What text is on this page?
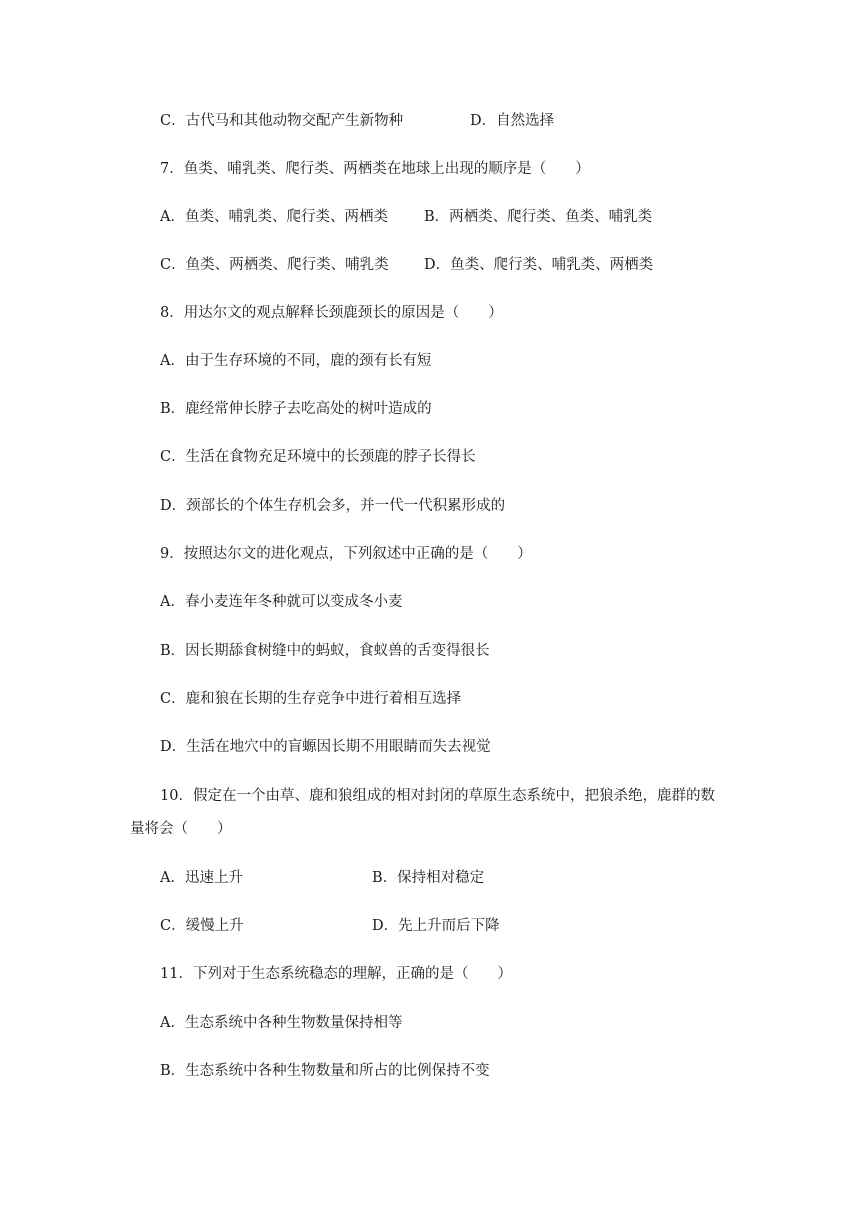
C．古代马和其他动物交配产生新物种	D．自然选择
7．鱼类、哺乳类、爬行类、两栖类在地球上出现的顺序是（　　）
A．鱼类、哺乳类、爬行类、两栖类 B．两栖类、爬行类、鱼类、哺乳类
C．鱼类、两栖类、爬行类、哺乳类 D．鱼类、爬行类、哺乳类、两栖类
8．用达尔文的观点解释长颈鹿颈长的原因是（　　）
A．由于生存环境的不同，鹿的颈有长有短
B．鹿经常伸长脖子去吃高处的树叶造成的
C．生活在食物充足环境中的长颈鹿的脖子长得长
D．颈部长的个体生存机会多，并一代一代积累形成的
9．按照达尔文的进化观点，下列叙述中正确的是（　　）
A．春小麦连年冬种就可以变成冬小麦
B．因长期舔食树缝中的蚂蚁，食蚁兽的舌变得很长
C．鹿和狼在长期的生存竞争中进行着相互选择
D．生活在地穴中的盲螈因长期不用眼睛而失去视觉
10．假定在一个由草、鹿和狼组成的相对封闭的草原生态系统中，把狼杀绝，鹿群的数
量将会（　　）
A．迅速上升	B．保持相对稳定
C．缓慢上升	D．先上升而后下降
11．下列对于生态系统稳态的理解，正确的是（　　）
A．生态系统中各种生物数量保持相等
B．生态系统中各种生物数量和所占的比例保持不变
